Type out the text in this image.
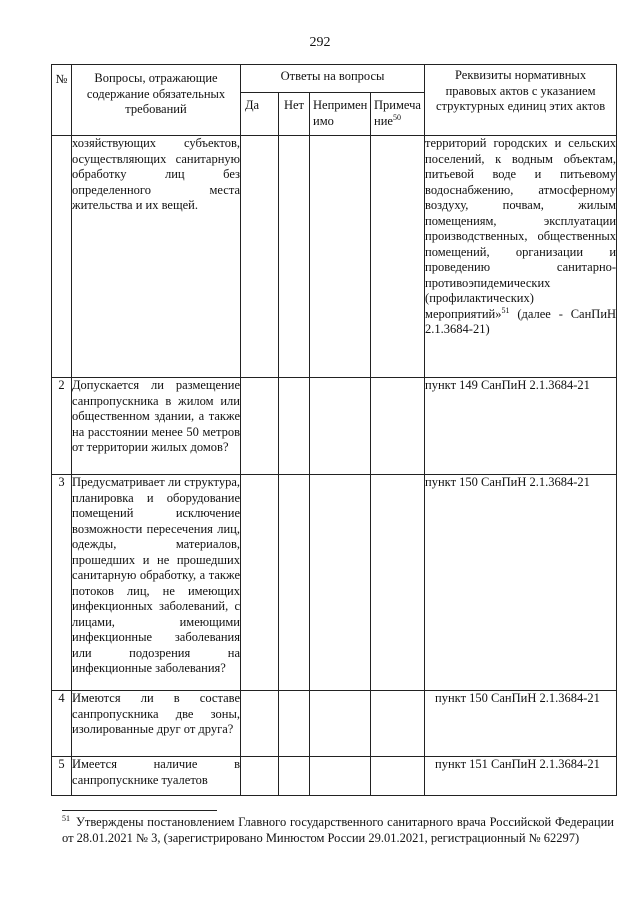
292
№	Вопросы, отражающие содержание обязательных требований	Ответы на вопросы				Реквизиты нормативных правовых актов с указанием структурных единиц этих актов
		Да	Нет	Неприменимо	Примечание$^{50}$
	хозяйствующих субъектов, осуществляющих санитарную обработку лиц без определенного места жительства и их вещей.					территорий городских и сельских поселений, к водным объектам, питьевой воде и питьевому водоснабжению, атмосферному воздуху, почвам, жилым помещениям, эксплуатации производственных, общественных помещений, организации и проведению санитарно-противоэпидемических (профилактических) мероприятий»$^{51}$ (далее - СанПиН 2.1.3684-21)
2	Допускается ли размещение санпропускника в жилом или общественном здании, а также на расстоянии менее 50 метров от территории жилых домов?					пункт 149 СанПиН 2.1.3684-21
3	Предусматривает ли структура, планировка и оборудование помещений исключение возможности пересечения лиц, одежды, материалов, прошедших и не прошедших санитарную обработку, а также потоков лиц, не имеющих инфекционных заболеваний, с лицами, имеющими инфекционные заболевания или подозрения на инфекционные заболевания?					пункт 150 СанПиН 2.1.3684-21
4	Имеются ли в составе санпропускника две зоны, изолированные друг от друга?					пункт 150 СанПиН 2.1.3684-21
5	Имеется наличие в санпропускнике туалетов					пункт 151 СанПиН 2.1.3684-21
$^{51}$ Утверждены постановлением Главного государственного санитарного врача Российской Федерации от 28.01.2021 № 3, (зарегистрировано Минюстом России 29.01.2021, регистрационный № 62297)
